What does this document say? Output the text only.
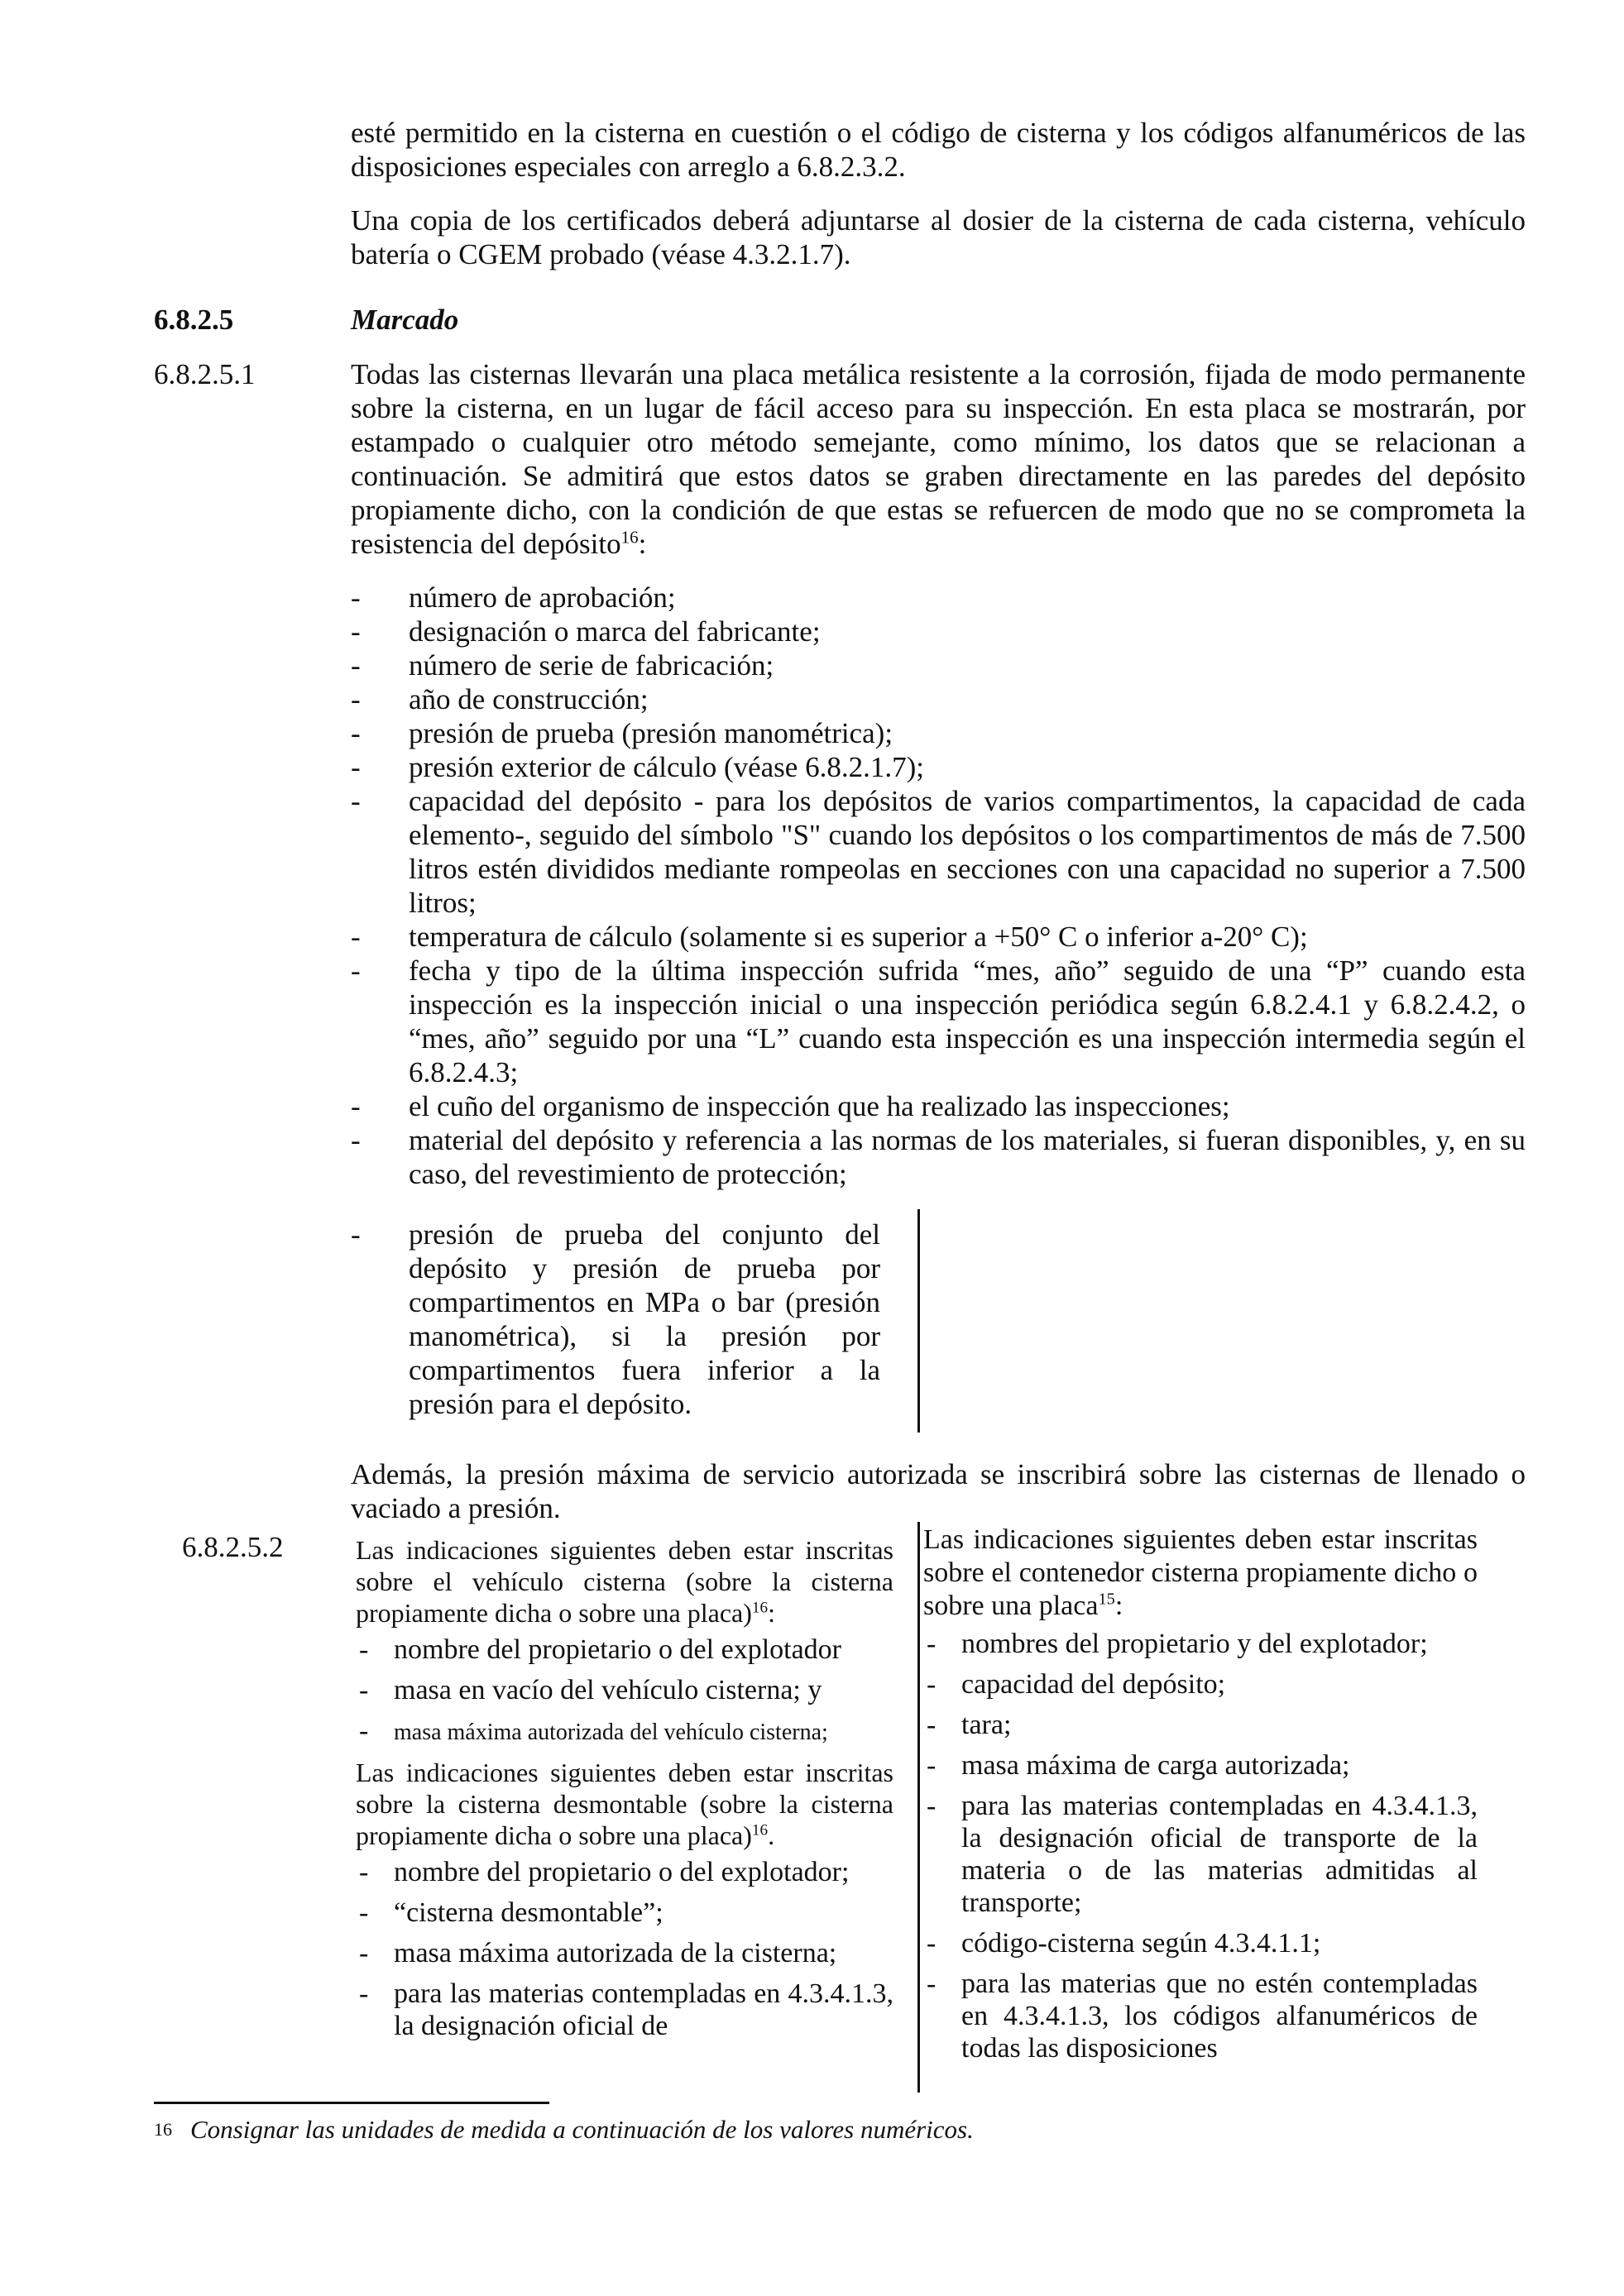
esté permitido en la cisterna en cuestión o el código de cisterna y los códigos alfanuméricos de las disposiciones especiales con arreglo a 6.8.2.3.2.

Una copia de los certificados deberá adjuntarse al dosier de la cisterna de cada cisterna, vehículo batería o CGEM probado (véase 4.3.2.1.7).

6.8.2.5	Marcado
6.8.2.5.1	Todas las cisternas llevarán una placa metálica resistente a la corrosión, fijada de modo permanente sobre la cisterna, en un lugar de fácil acceso para su inspección. En esta placa se mostrarán, por estampado o cualquier otro método semejante, como mínimo, los datos que se relacionan a continuación. Se admitirá que estos datos se graben directamente en las paredes del depósito propiamente dicho, con la condición de que estas se refuercen de modo que no se comprometa la resistencia del depósito$^{16}$:

- número de aprobación;
- designación o marca del fabricante;
- número de serie de fabricación;
- año de construcción;
- presión de prueba (presión manométrica);
- presión exterior de cálculo (véase 6.8.2.1.7);
- capacidad del depósito - para los depósitos de varios compartimentos, la capacidad de cada elemento-, seguido del símbolo "S" cuando los depósitos o los compartimentos de más de 7.500 litros estén divididos mediante rompeolas en secciones con una capacidad no superior a 7.500 litros;
- temperatura de cálculo (solamente si es superior a +50° C o inferior a-20° C);
- fecha y tipo de la última inspección sufrida “mes, año” seguido de una “P” cuando esta inspección es la inspección inicial o una inspección periódica según 6.8.2.4.1 y 6.8.2.4.2, o “mes, año” seguido por una “L” cuando esta inspección es una inspección intermedia según el 6.8.2.4.3;
- el cuño del organismo de inspección que ha realizado las inspecciones;
- material del depósito y referencia a las normas de los materiales, si fueran disponibles, y, en su caso, del revestimiento de protección;
- presión de prueba del conjunto del depósito y presión de prueba por compartimentos en MPa o bar (presión manométrica), si la presión por compartimentos fuera inferior a la presión para el depósito.

Además, la presión máxima de servicio autorizada se inscribirá sobre las cisternas de llenado o vaciado a presión.

6.8.2.5.2	Las indicaciones siguientes deben estar inscritas sobre el vehículo cisterna (sobre la cisterna propiamente dicha o sobre una placa)$^{16}$:
- nombre del propietario o del explotador
- masa en vacío del vehículo cisterna; y
- masa máxima autorizada del vehículo cisterna;
Las indicaciones siguientes deben estar inscritas sobre la cisterna desmontable (sobre la cisterna propiamente dicha o sobre una placa)$^{16}$.
- nombre del propietario o del explotador;
- “cisterna desmontable”;
- masa máxima autorizada de la cisterna;
- para las materias contempladas en 4.3.4.1.3, la designación oficial de
Las indicaciones siguientes deben estar inscritas sobre el contenedor cisterna propiamente dicho o sobre una placa$^{15}$:
- nombres del propietario y del explotador;
- capacidad del depósito;
- tara;
- masa máxima de carga autorizada;
- para las materias contempladas en 4.3.4.1.3, la designación oficial de transporte de la materia o de las materias admitidas al transporte;
- código-cisterna según 4.3.4.1.1;
- para las materias que no estén contempladas en 4.3.4.1.3, los códigos alfanuméricos de todas las disposiciones
$^{16}$ Consignar las unidades de medida a continuación de los valores numéricos.
